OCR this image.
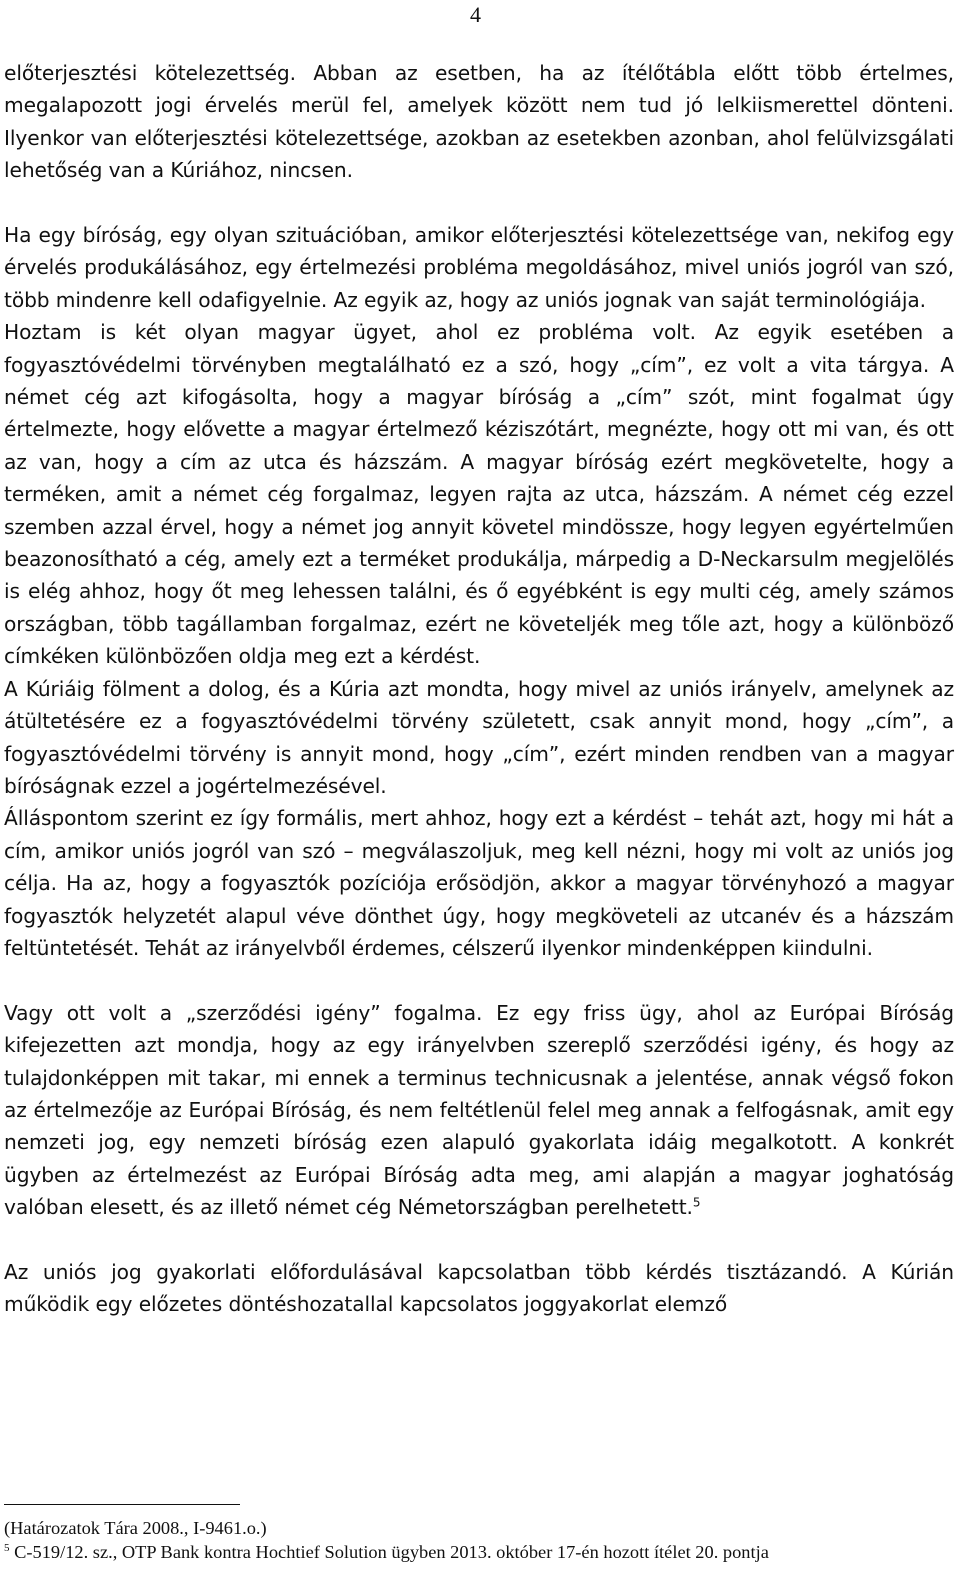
4

előterjesztési kötelezettség. Abban az esetben, ha az ítélőtábla előtt több értelmes, megalapozott jogi érvelés merül fel, amelyek között nem tud jó lelkiismerettel dönteni. Ilyenkor van előterjesztési kötelezettsége, azokban az esetekben azonban, ahol felülvizsgálati lehetőség van a Kúriához, nincsen.

Ha egy bíróság, egy olyan szituációban, amikor előterjesztési kötelezettsége van, nekifog egy érvelés produkálásához, egy értelmezési probléma megoldásához, mivel uniós jogról van szó, több mindenre kell odafigyelnie. Az egyik az, hogy az uniós jognak van saját terminológiája.

Hoztam is két olyan magyar ügyet, ahol ez probléma volt. Az egyik esetében a fogyasztóvédelmi törvényben megtalálható ez a szó, hogy „cím”, ez volt a vita tárgya. A német cég azt kifogásolta, hogy a magyar bíróság a „cím” szót, mint fogalmat úgy értelmezte, hogy elővette a magyar értelmező kéziszótárt, megnézte, hogy ott mi van, és ott az van, hogy a cím az utca és házszám. A magyar bíróság ezért megkövetelte, hogy a terméken, amit a német cég forgalmaz, legyen rajta az utca, házszám. A német cég ezzel szemben azzal érvel, hogy a német jog annyit követel mindössze, hogy legyen egyértelműen beazonosítható a cég, amely ezt a terméket produkálja, márpedig a D-Neckarsulm megjelölés is elég ahhoz, hogy őt meg lehessen találni, és ő egyébként is egy multi cég, amely számos országban, több tagállamban forgalmaz, ezért ne követeljék meg tőle azt, hogy a különböző címkéken különbözően oldja meg ezt a kérdést.

A Kúriáig fölment a dolog, és a Kúria azt mondta, hogy mivel az uniós irányelv, amelynek az átültetésére ez a fogyasztóvédelmi törvény született, csak annyit mond, hogy „cím”, a fogyasztóvédelmi törvény is annyit mond, hogy „cím”, ezért minden rendben van a magyar bíróságnak ezzel a jogértelmezésével.

Álláspontom szerint ez így formális, mert ahhoz, hogy ezt a kérdést – tehát azt, hogy mi hát a cím, amikor uniós jogról van szó – megválaszoljuk, meg kell nézni, hogy mi volt az uniós jog célja. Ha az, hogy a fogyasztók pozíciója erősödjön, akkor a magyar törvényhozó a magyar fogyasztók helyzetét alapul véve dönthet úgy, hogy megköveteli az utcanév és a házszám feltüntetését. Tehát az irányelvből érdemes, célszerű ilyenkor mindenképpen kiindulni.

Vagy ott volt a „szerződési igény” fogalma. Ez egy friss ügy, ahol az Európai Bíróság kifejezetten azt mondja, hogy az egy irányelvben szereplő szerződési igény, és hogy az tulajdonképpen mit takar, mi ennek a terminus technicusnak a jelentése, annak végső fokon az értelmezője az Európai Bíróság, és nem feltétlenül felel meg annak a felfogásnak, amit egy nemzeti jog, egy nemzeti bíróság ezen alapuló gyakorlata idáig megalkotott. A konkrét ügyben az értelmezést az Európai Bíróság adta meg, ami alapján a magyar joghatóság valóban elesett, és az illető német cég Németországban perelhetett.$^5$

Az uniós jog gyakorlati előfordulásával kapcsolatban több kérdés tisztázandó. A Kúrián működik egy előzetes döntéshozatallal kapcsolatos joggyakorlat elemző

(Határozatok Tára 2008., I-9461.o.)

$^5$ C-519/12. sz., OTP Bank kontra Hochtief Solution ügyben 2013. október 17-én hozott ítélet 20. pontja
